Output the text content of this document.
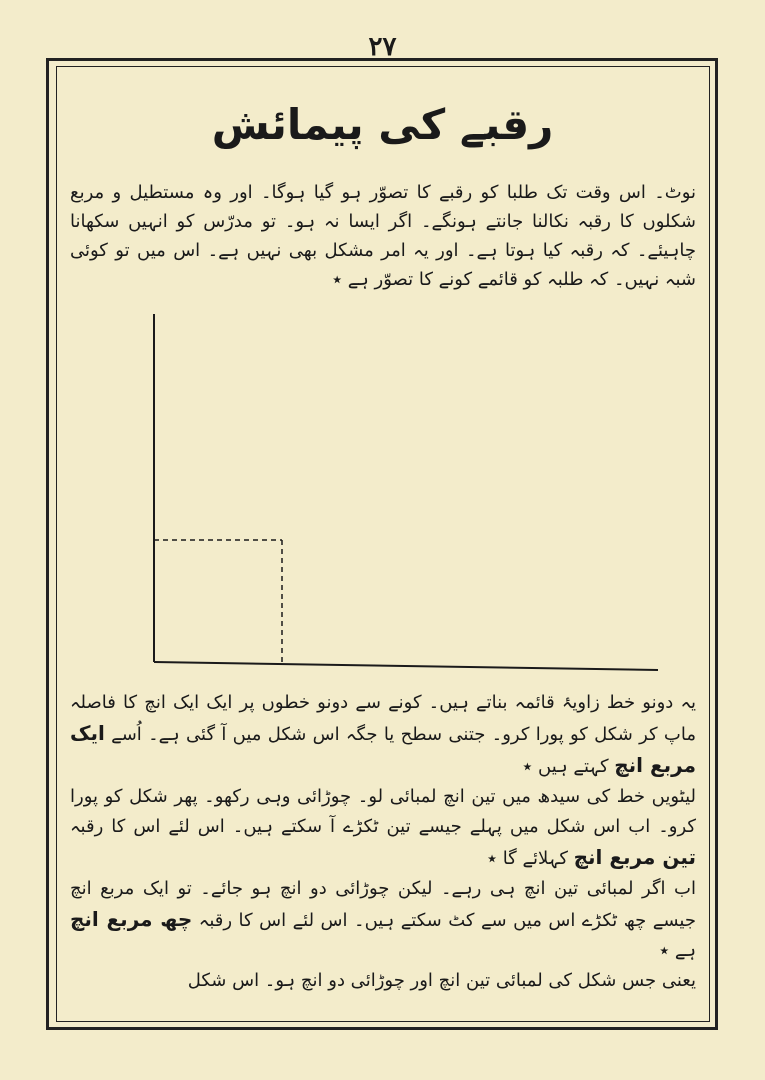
۲۷
رقبے کی پیمائش

نوٹ۔ اس وقت تک طلبا کو رقبے کا تصوّر ہو گیا ہوگا۔ اور وہ مستطیل و مربع شکلوں کا رقبہ نکالنا جانتے ہونگے۔ اگر ایسا نہ ہو۔ تو مدرّس کو انہیں سکھانا چاہیئے۔ کہ رقبہ کیا ہوتا ہے۔ اور یہ امر مشکل بھی نہیں ہے۔ اس میں تو کوئی شبہ نہیں۔ کہ طلبہ کو قائمے کونے کا تصوّر ہے ٭

یہ دونو خط زاویۂ قائمہ بناتے ہیں۔ کونے سے دونو خطوں پر ایک ایک انچ کا فاصلہ ماپ کر شکل کو پورا کرو۔ جتنی سطح یا جگہ اس شکل میں آ گئی ہے۔ اُسے ایک مربع انچ کہتے ہیں ٭

لیٹویں خط کی سیدھ میں تین انچ لمبائی لو۔ چوڑائی وہی رکھو۔ پھر شکل کو پورا کرو۔ اب اس شکل میں پہلے جیسے تین ٹکڑے آ سکتے ہیں۔ اس لئے اس کا رقبہ تین مربع انچ کہلائے گا ٭

اب اگر لمبائی تین انچ ہی رہے۔ لیکن چوڑائی دو انچ ہو جائے۔ تو ایک مربع انچ جیسے چھ ٹکڑے اس میں سے کٹ سکتے ہیں۔ اس لئے اس کا رقبہ چھ مربع انچ ہے ٭

یعنی جس شکل کی لمبائی تین انچ اور چوڑائی دو انچ ہو۔ اس شکل
